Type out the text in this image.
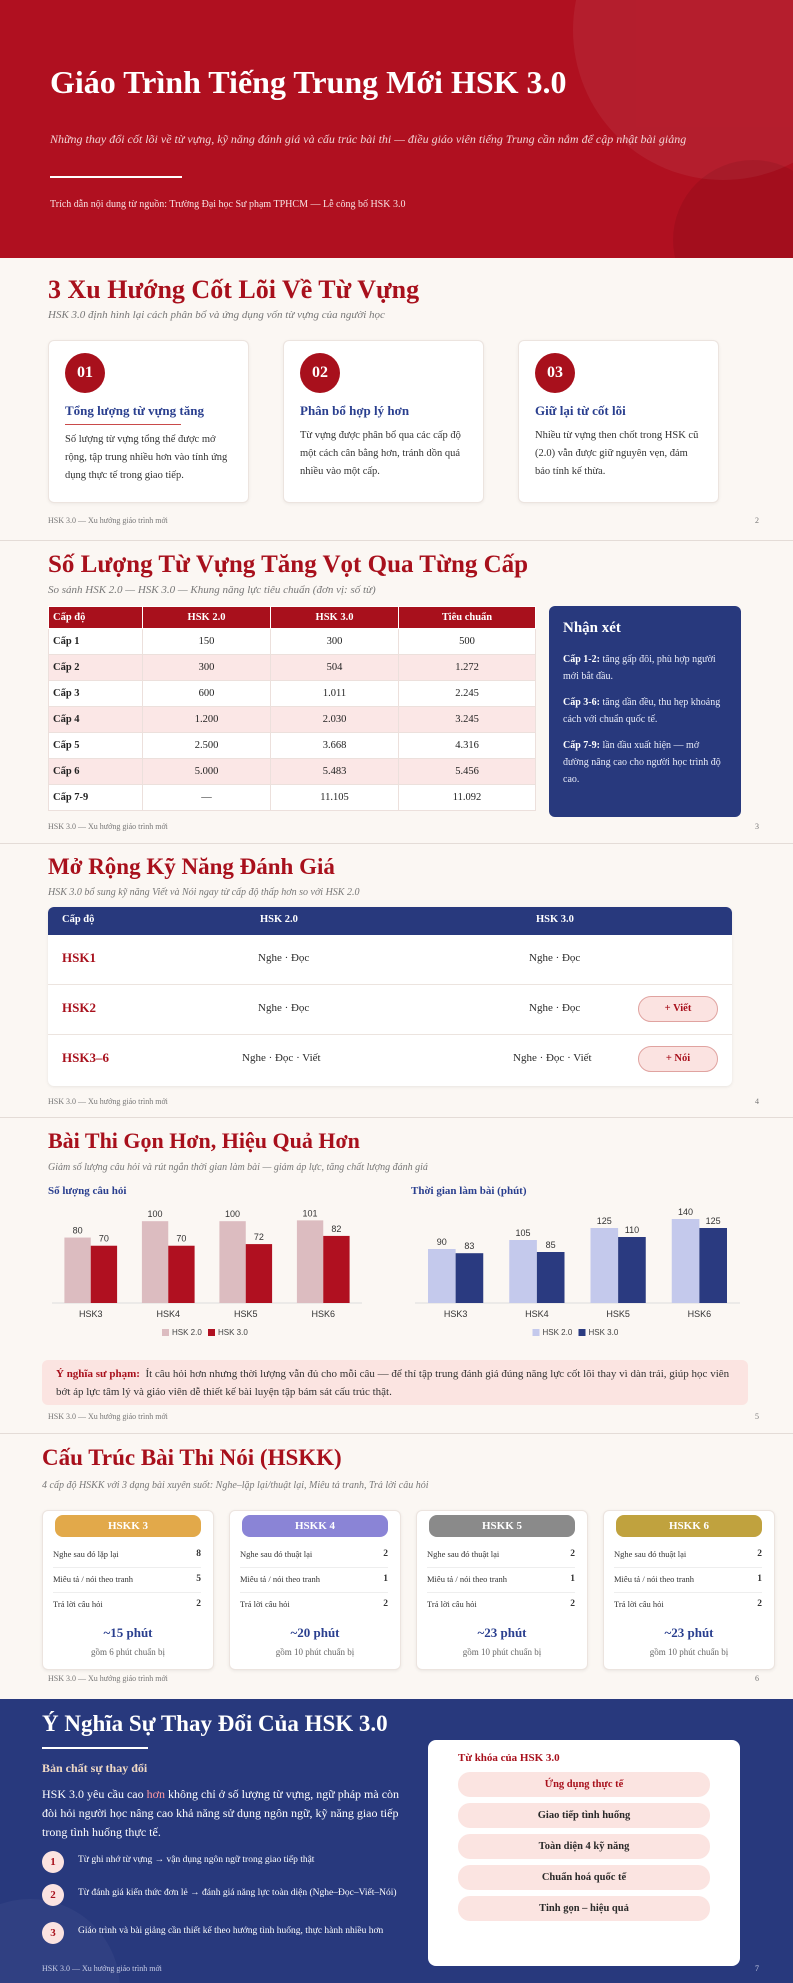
Giáo Trình Tiếng Trung Mới HSK 3.0
Những thay đổi cốt lõi về từ vựng, kỹ năng đánh giá và cấu trúc bài thi — điều giáo viên tiếng Trung cần nắm để cập nhật bài giảng
Trích dẫn nội dung từ nguồn: Trường Đại học Sư phạm TPHCM — Lễ công bố HSK 3.0
3 Xu Hướng Cốt Lõi Về Từ Vựng
HSK 3.0 định hình lại cách phân bổ và ứng dụng vốn từ vựng của người học
01
Tổng lượng từ vựng tăng
Số lượng từ vựng tổng thể được mở rộng, tập trung nhiều hơn vào tính ứng dụng thực tế trong giao tiếp.
02
Phân bổ hợp lý hơn
Từ vựng được phân bổ qua các cấp độ một cách cân bằng hơn, tránh dồn quá nhiều vào một cấp.
03
Giữ lại từ cốt lõi
Nhiều từ vựng then chốt trong HSK cũ (2.0) vẫn được giữ nguyên vẹn, đảm bảo tính kế thừa.
HSK 3.0 — Xu hướng giáo trình mới	2
Số Lượng Từ Vựng Tăng Vọt Qua Từng Cấp
So sánh HSK 2.0 — HSK 3.0 — Khung năng lực tiêu chuẩn (đơn vị: số từ)
Cấp độ	HSK 2.0	HSK 3.0	Tiêu chuẩn
Cấp 1	150	300	500
Cấp 2	300	504	1.272
Cấp 3	600	1.011	2.245
Cấp 4	1.200	2.030	3.245
Cấp 5	2.500	3.668	4.316
Cấp 6	5.000	5.483	5.456
Cấp 7-9	—	11.105	11.092
Nhận xét

Cấp 1-2: tăng gấp đôi, phù hợp người mới bắt đầu.

Cấp 3-6: tăng dần đều, thu hẹp khoảng cách với chuẩn quốc tế.

Cấp 7-9: lần đầu xuất hiện — mở đường nâng cao cho người học trình độ cao.

HSK 3.0 — Xu hướng giáo trình mới	3
Mở Rộng Kỹ Năng Đánh Giá
HSK 3.0 bổ sung kỹ năng Viết và Nói ngay từ cấp độ thấp hơn so với HSK 2.0
Cấp độ	HSK 2.0	HSK 3.0
HSK1	Nghe · Đọc	Nghe · Đọc
HSK2	Nghe · Đọc	Nghe · Đọc	+ Viết
HSK3–6	Nghe · Đọc · Viết	Nghe · Đọc · Viết	+ Nói
HSK 3.0 — Xu hướng giáo trình mới	4
Bài Thi Gọn Hơn, Hiệu Quả Hơn
Giảm số lượng câu hỏi và rút ngắn thời gian làm bài — giảm áp lực, tăng chất lượng đánh giá
Số lượng câu hỏi	Thời gian làm bài (phút)
80
70
HSK3
100
70
HSK4
100
72
HSK5
101
82
HSK6
HSK 2.0 HSK 3.0
90 83
HSK3
105
85
HSK4
125
110
HSK5
140
125
HSK6
HSK 2.0 HSK 3.0
Ý nghĩa sư phạm: Ít câu hỏi hơn nhưng thời lượng vẫn đủ cho mỗi câu — để thí tập trung đánh giá đúng năng lực cốt lõi thay vì dàn trải, giúp học viên bớt áp lực tâm lý và giáo viên dễ thiết kế bài luyện tập bám sát cấu trúc thật.
HSK 3.0 — Xu hướng giáo trình mới	5
Cấu Trúc Bài Thi Nói (HSKK)
4 cấp độ HSKK với 3 dạng bài xuyên suốt: Nghe–lặp lại/thuật lại, Miêu tả tranh, Trả lời câu hỏi
HSKK 3
Nghe sau đó lặp lại	8
Miêu tả / nói theo tranh	5
Trả lời câu hỏi	2
~15 phút
gồm 6 phút chuẩn bị
HSKK 4
Nghe sau đó thuật lại	2
Miêu tả / nói theo tranh	1
Trả lời câu hỏi	2
~20 phút
gồm 10 phút chuẩn bị
HSKK 5
Nghe sau đó thuật lại	2
Miêu tả / nói theo tranh	1
Trả lời câu hỏi	2
~23 phút
gồm 10 phút chuẩn bị
HSKK 6
Nghe sau đó thuật lại	2
Miêu tả / nói theo tranh	1
Trả lời câu hỏi	2
~23 phút
gồm 10 phút chuẩn bị
HSK 3.0 — Xu hướng giáo trình mới	6
Ý Nghĩa Sự Thay Đổi Của HSK 3.0
Bản chất sự thay đổi
HSK 3.0 yêu cầu cao hơn không chỉ ở số lượng từ vựng, ngữ pháp mà còn đòi hỏi người học nâng cao khả năng sử dụng ngôn ngữ, kỹ năng giao tiếp trong tình huống thực tế.
1	Từ ghi nhớ từ vựng → vận dụng ngôn ngữ trong giao tiếp thật
2	Từ đánh giá kiến thức đơn lẻ → đánh giá năng lực toàn diện (Nghe–Đọc–Viết–Nói)
3	Giáo trình và bài giảng cần thiết kế theo hướng tình huống, thực hành nhiều hơn
Từ khóa của HSK 3.0
Ứng dụng thực tế
Giao tiếp tình huống
Toàn diện 4 kỹ năng
Chuẩn hoá quốc tế
Tinh gọn – hiệu quả
HSK 3.0 — Xu hướng giáo trình mới	7
